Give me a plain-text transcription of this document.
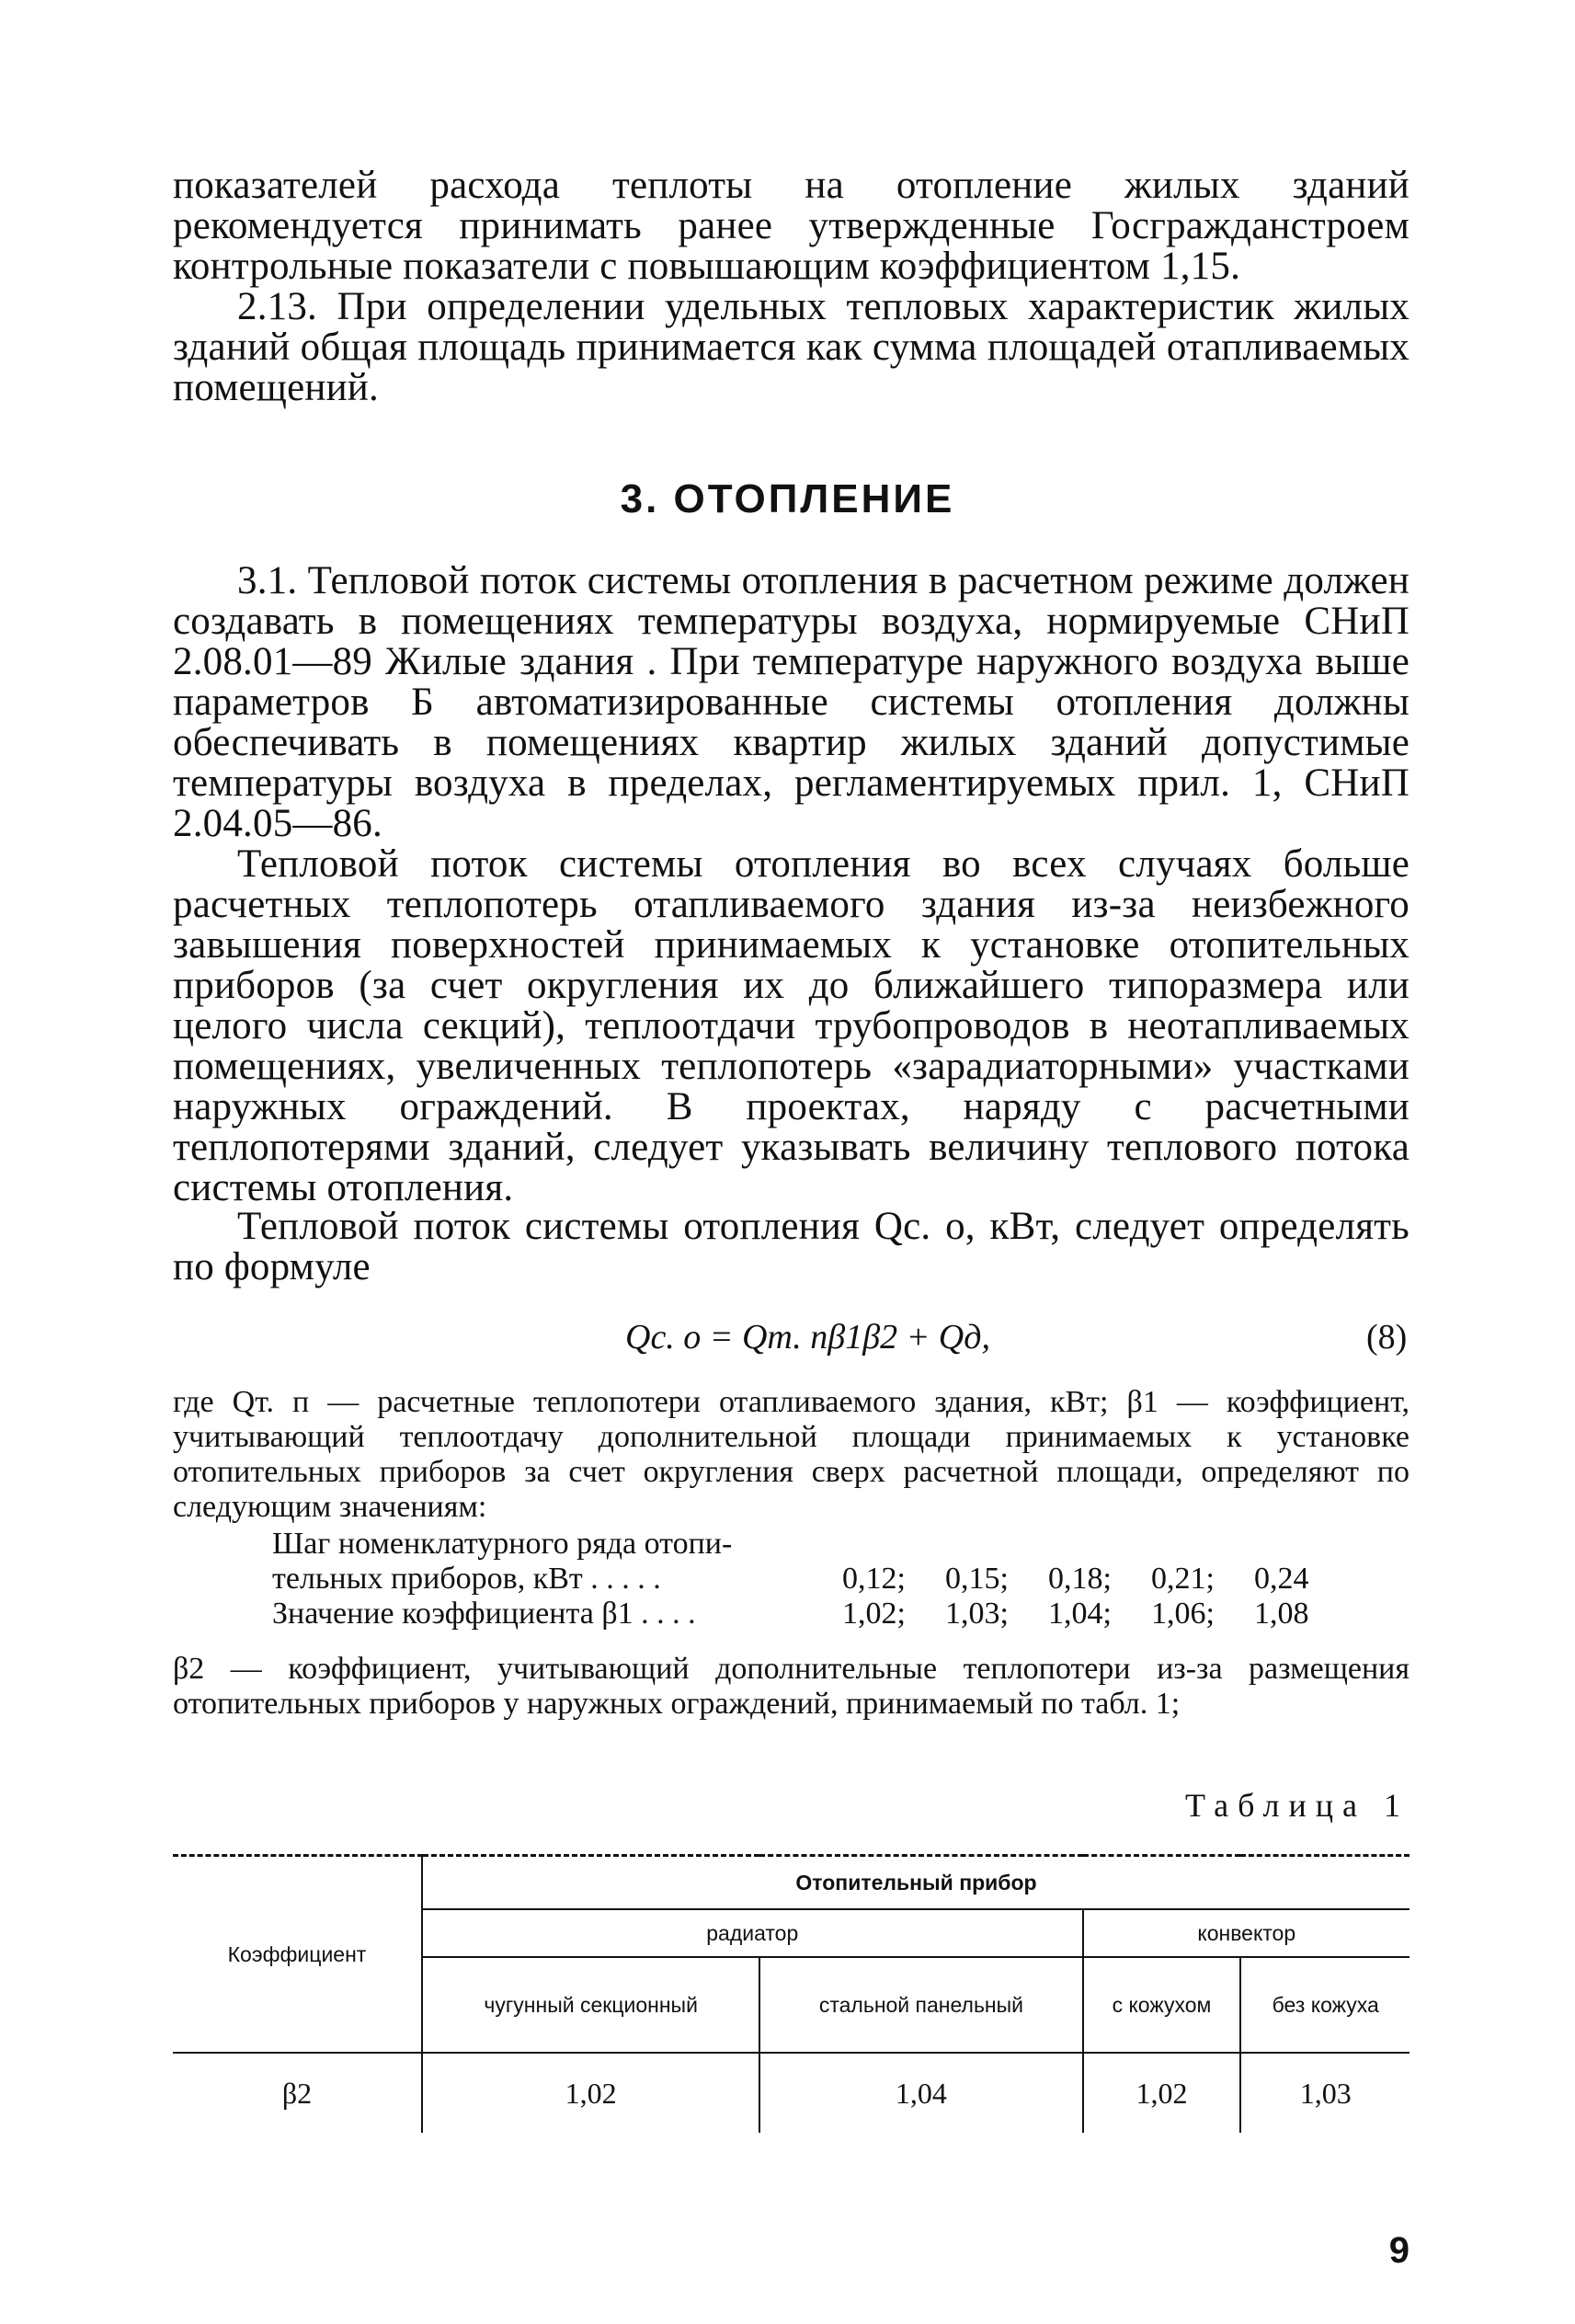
показателей расхода теплоты на отопление жилых зданий рекомендуется принимать ранее утвержденные Госгражданстроем контрольные показатели с повышающим коэффициентом 1,15.

2.13. При определении удельных тепловых характеристик жилых зданий общая площадь принимается как сумма площадей отапливаемых помещений.

3. ОТОПЛЕНИЕ

3.1. Тепловой поток системы отопления в расчетном режиме должен создавать в помещениях температуры воздуха, нормируемые СНиП 2.08.01—89 Жилые здания . При температуре наружного воздуха выше параметров Б автоматизированные системы отопления должны обеспечивать в помещениях квартир жилых зданий допустимые температуры воздуха в пределах, регламентируемых прил. 1, СНиП 2.04.05—86.

Тепловой поток системы отопления во всех случаях больше расчетных теплопотерь отапливаемого здания из-за неизбежного завышения поверхностей принимаемых к установке отопительных приборов (за счет округления их до ближайшего типоразмера или целого числа секций), теплоотдачи трубопроводов в неотапливаемых помещениях, увеличенных теплопотерь «зарадиаторными» участками наружных ограждений. В проектах, наряду с расчетными теплопотерями зданий, следует указывать величину теплового потока системы отопления.

Тепловой поток системы отопления Qс. о, кВт, следует определять по формуле

Qс. о = Qт. пβ1β2 + Qд,	(8)

где Qт. п — расчетные теплопотери отапливаемого здания, кВт; β1 — коэффициент, учитывающий теплоотдачу дополнительной площади принимаемых к установке отопительных приборов за счет округления сверх расчетной площади, определяют по следующим значениям:

Шаг номенклатурного ряда отопи-
тельных приборов, кВт . . . . .	0,12;	0,15;	0,18;	0,21;	0,24
Значение коэффициента β1 . . . .	1,02;	1,03;	1,04;	1,06;	1,08

β2 — коэффициент, учитывающий дополнительные теплопотери из-за размещения отопительных приборов у наружных ограждений, принимаемый по табл. 1;

Таблица 1
Коэффициент	Отопительный прибор			
	радиатор		конвектор	
	чугунный секционный	стальной панельный	с кожухом	без кожуха
β2	1,02	1,04	1,02	1,03
9
